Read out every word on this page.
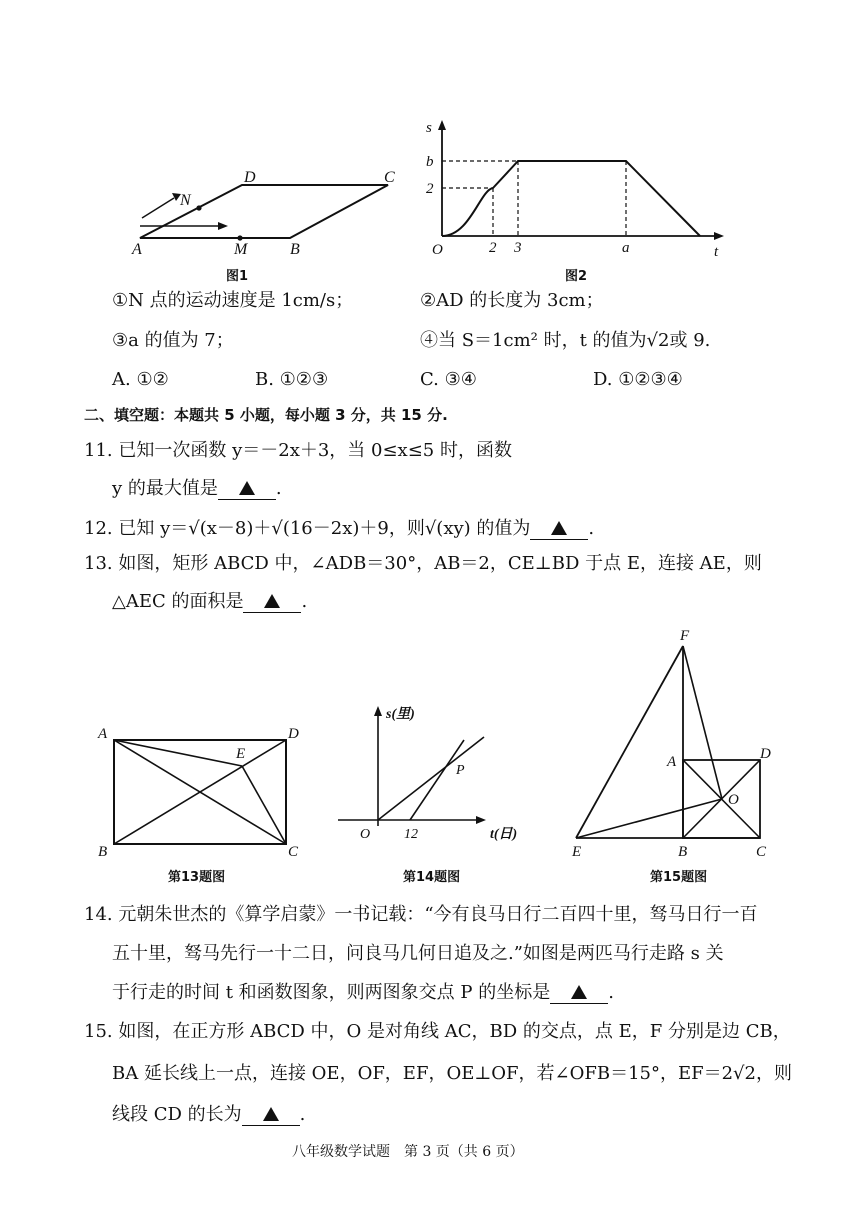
A	M	B
C
D
N
图1
s
t
O
b
2
2 3	a
图2
①N 点的运动速度是 1cm/s；	②AD 的长度为 3cm；
③a 的值为 7；	④当 S＝1cm² 时，t 的值为√2或 9.
A. ①②	B. ①②③	C. ③④	D. ①②③④
二、填空题：本题共 5 小题，每小题 3 分，共 15 分.
11. 已知一次函数 y＝－2x＋3，当 0≤x≤5 时，函数
y 的最大值是	.
12. 已知 y＝√(x－8)＋√(16－2x)＋9，则√(xy) 的值为	.
13. 如图，矩形 ABCD 中，∠ADB＝30°，AB＝2，CE⊥BD 于点 E，连接 AE，则
△AEC 的面积是	.
A
B	C
D
E
第13题图
s(里)
t(日)
O 12
P
第14题图
F
A	D
O
E	B	C
第15题图
14. 元朝朱世杰的《算学启蒙》一书记载：“今有良马日行二百四十里，驽马日行一百
五十里，驽马先行一十二日，问良马几何日追及之.”如图是两匹马行走路 s 关
于行走的时间 t 和函数图象，则两图象交点 P 的坐标是	.
15. 如图，在正方形 ABCD 中，O 是对角线 AC，BD 的交点，点 E，F 分别是边 CB，
BA 延长线上一点，连接 OE，OF，EF，OE⊥OF，若∠OFB＝15°，EF＝2√2，则
线段 CD 的长为	.
八年级数学试题　第 3 页（共 6 页）
